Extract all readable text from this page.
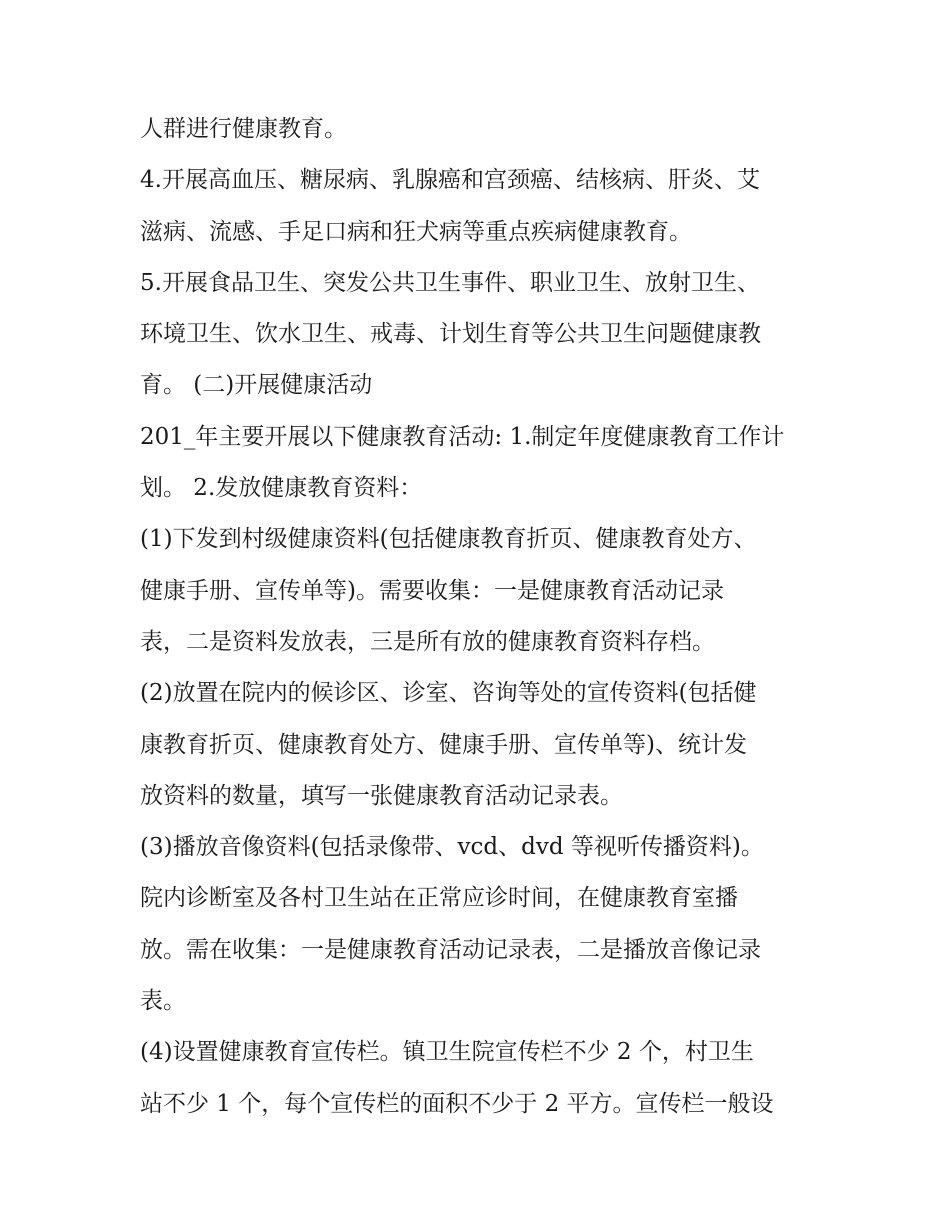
人群进行健康教育。
4.开展高血压、糖尿病、乳腺癌和宫颈癌、结核病、肝炎、艾
滋病、流感、手足口病和狂犬病等重点疾病健康教育。
5.开展食品卫生、突发公共卫生事件、职业卫生、放射卫生、
环境卫生、饮水卫生、戒毒、计划生育等公共卫生问题健康教
育。 (二)开展健康活动
201_年主要开展以下健康教育活动: 1.制定年度健康教育工作计
划。 2.发放健康教育资料：
(1)下发到村级健康资料(包括健康教育折页、健康教育处方、
健康手册、宣传单等)。需要收集：一是健康教育活动记录
表，二是资料发放表，三是所有放的健康教育资料存档。
(2)放置在院内的候诊区、诊室、咨询等处的宣传资料(包括健
康教育折页、健康教育处方、健康手册、宣传单等)、统计发
放资料的数量，填写一张健康教育活动记录表。
(3)播放音像资料(包括录像带、vcd、dvd 等视听传播资料)。
院内诊断室及各村卫生站在正常应诊时间，在健康教育室播
放。需在收集：一是健康教育活动记录表，二是播放音像记录
表。
(4)设置健康教育宣传栏。镇卫生院宣传栏不少 2 个，村卫生
站不少 1 个，每个宣传栏的面积不少于 2 平方。宣传栏一般设
